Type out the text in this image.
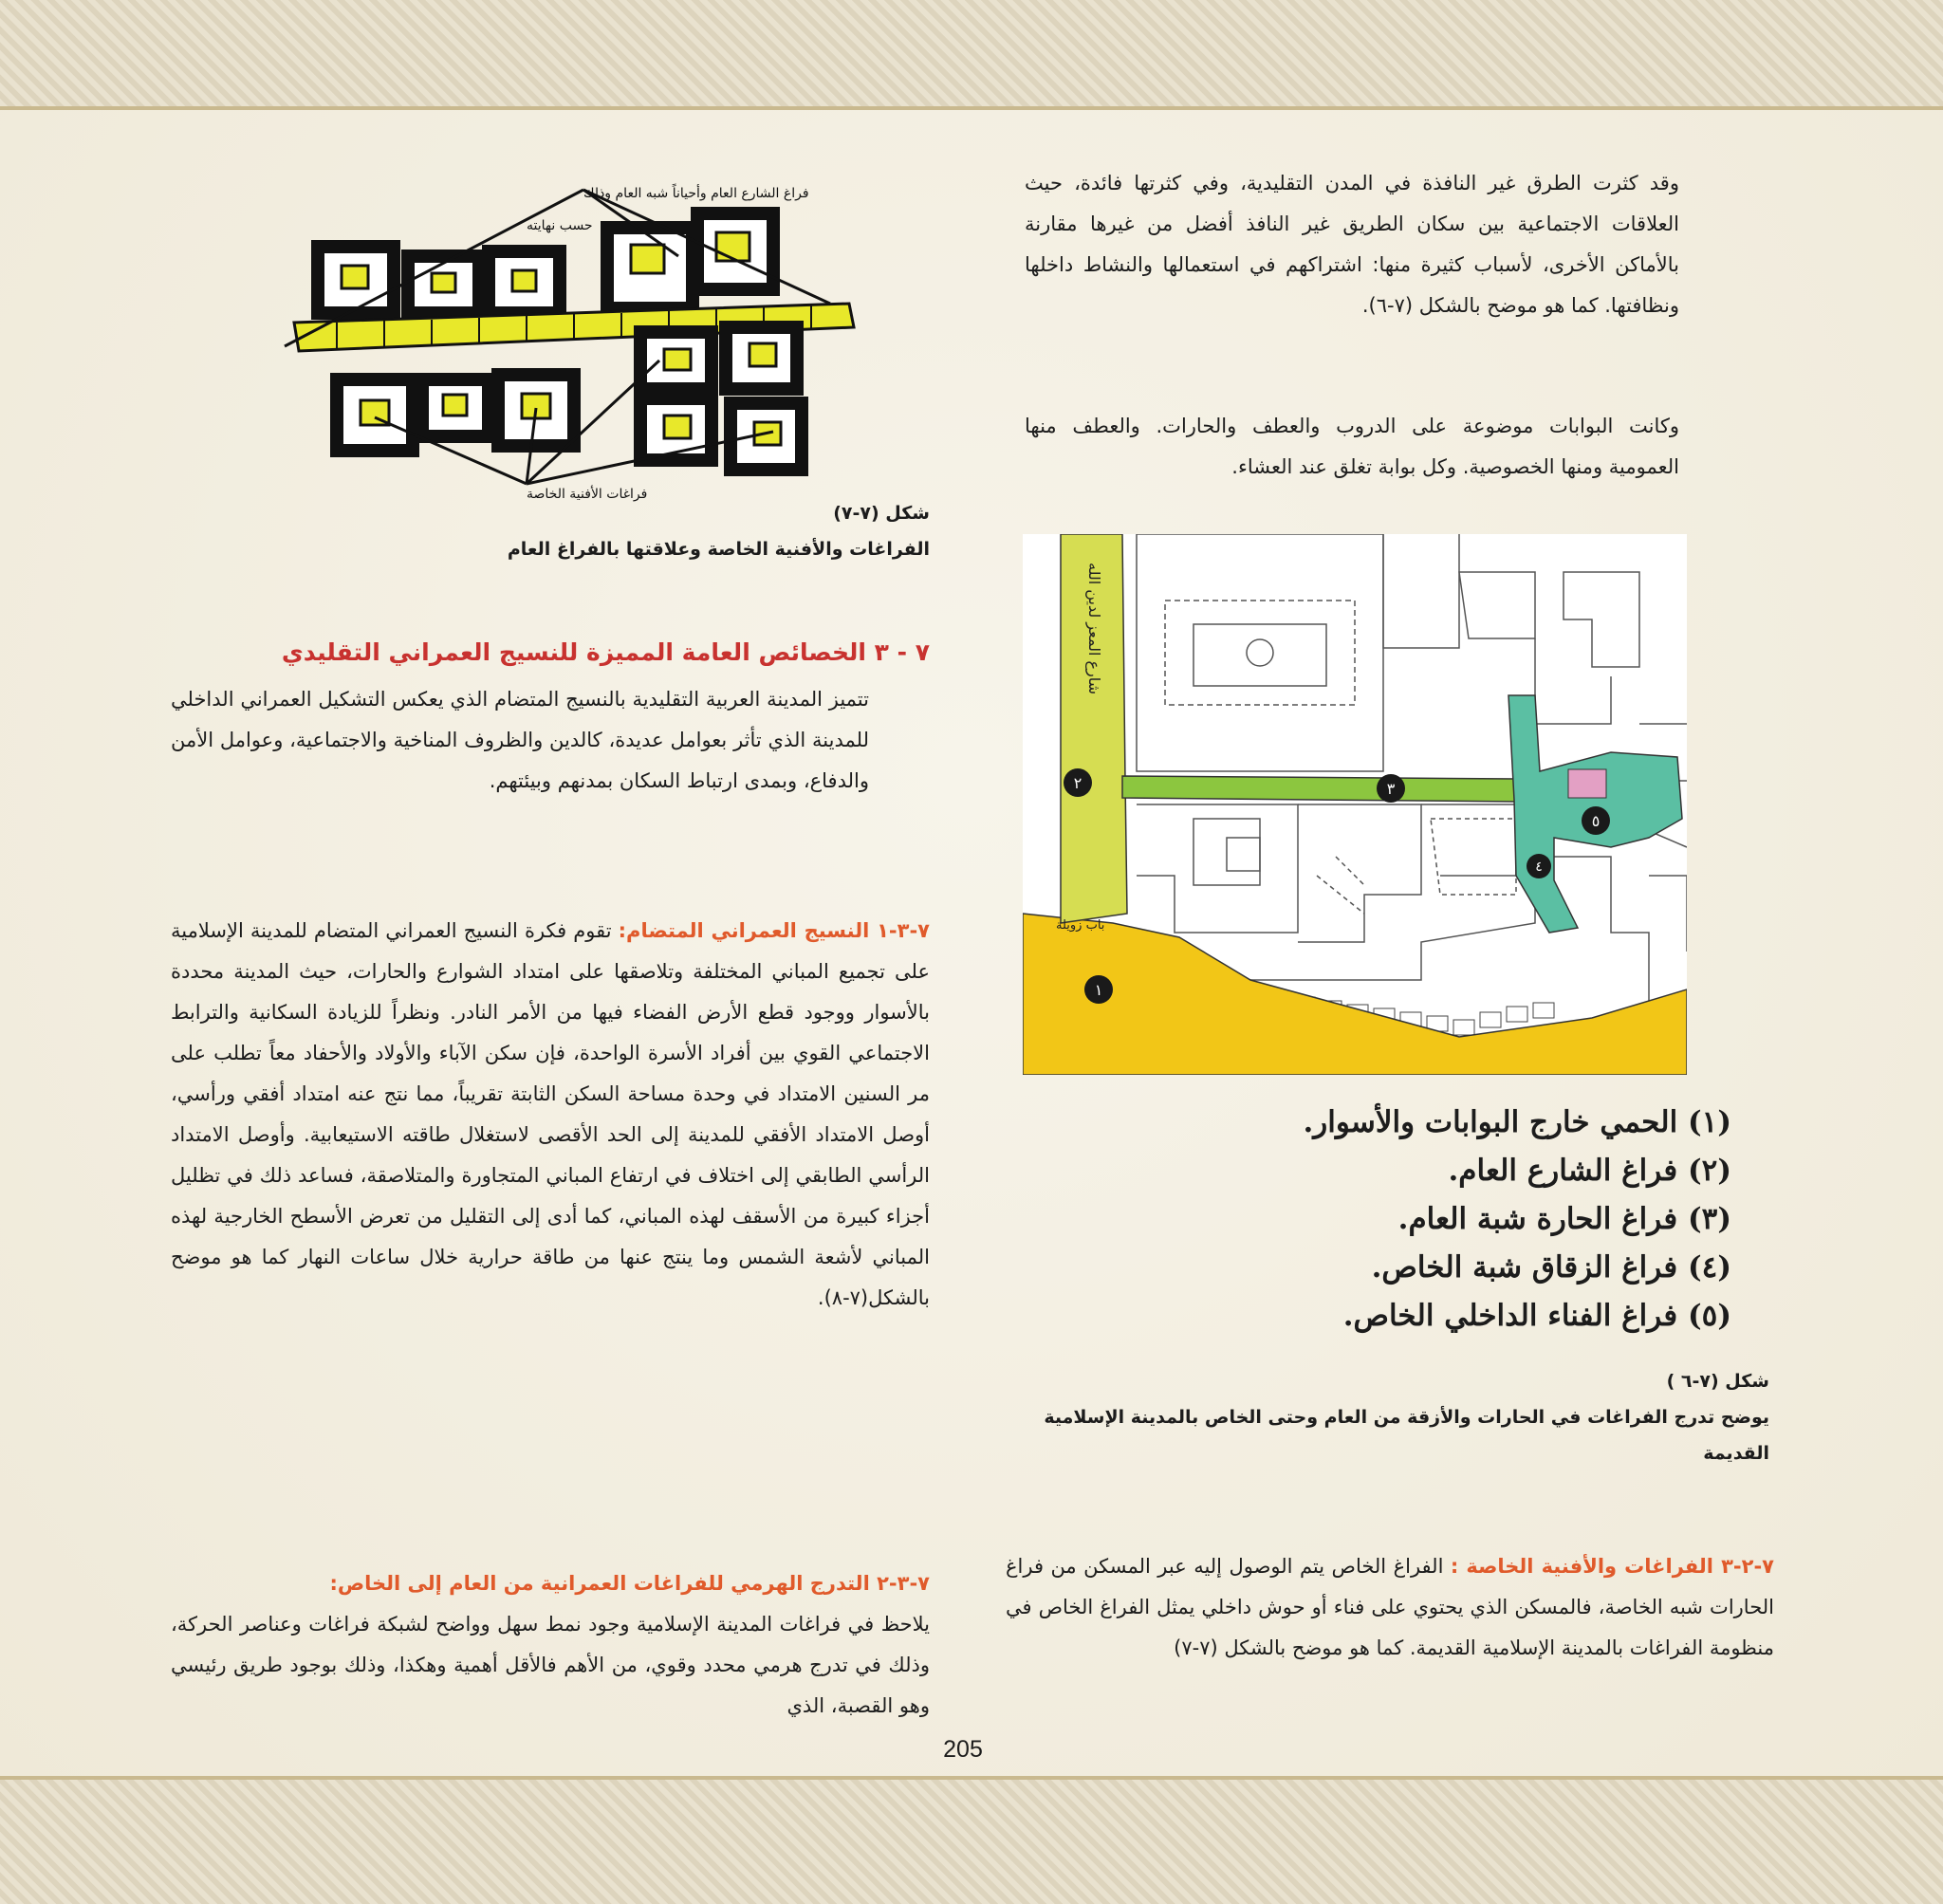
وقد كثرت الطرق غير النافذة في المدن التقليدية، وفي كثرتها فائدة، حيث العلاقات الاجتماعية بين سكان الطريق غير النافذ أفضل من غيرها مقارنة بالأماكن الأخرى، لأسباب كثيرة منها: اشتراكهم في استعمالها والنشاط داخلها ونظافتها. كما هو موضح بالشكل (٧-٦).

وكانت البوابات موضوعة على الدروب والعطف والحارات. والعطف منها العمومية ومنها الخصوصية. وكل بوابة تغلق عند العشاء.

شارع المعز لدين الله
باب زويلة
١
٢	٣
٤
٥
(١) الحمي خارج البوابات والأسوار.
(٢) فراغ الشارع العام.
(٣) فراغ الحارة شبة العام.
(٤) فراغ الزقاق شبة الخاص.
(٥) فراغ الفناء الداخلي الخاص.
شكل (٧-٦ )
يوضح تدرج الفراغات في الحارات والأزقة من العام وحتى الخاص بالمدينة الإسلامية القديمة

٧-٢-٣ الفراغات والأفنية الخاصة : الفراغ الخاص يتم الوصول إليه عبر المسكن من فراغ الحارات شبه الخاصة، فالمسكن الذي يحتوي على فناء أو حوش داخلي يمثل الفراغ الخاص في منظومة الفراغات بالمدينة الإسلامية القديمة. كما هو موضح بالشكل (٧-٧)

فراغ الشارع العام وأحياناً شبه العام وذلك
حسب نهايته
فراغات الأفنية الخاصة
شكل (٧-٧)
الفراغات والأفنية الخاصة وعلاقتها بالفراغ العام

٧ - ٣ الخصائص العامة المميزة للنسيج العمراني التقليدي

تتميز المدينة العربية التقليدية بالنسيج المتضام الذي يعكس التشكيل العمراني الداخلي للمدينة الذي تأثر بعوامل عديدة، كالدين والظروف المناخية والاجتماعية، وعوامل الأمن والدفاع، وبمدى ارتباط السكان بمدنهم وبيئتهم.

٧-٣-١ النسيج العمراني المتضام: تقوم فكرة النسيج العمراني المتضام للمدينة الإسلامية على تجميع المباني المختلفة وتلاصقها على امتداد الشوارع والحارات، حيث المدينة محددة بالأسوار ووجود قطع الأرض الفضاء فيها من الأمر النادر. ونظراً للزيادة السكانية والترابط الاجتماعي القوي بين أفراد الأسرة الواحدة، فإن سكن الآباء والأولاد والأحفاد معاً تطلب على مر السنين الامتداد في وحدة مساحة السكن الثابتة تقريباً، مما نتج عنه امتداد أفقي ورأسي، أوصل الامتداد الأفقي للمدينة إلى الحد الأقصى لاستغلال طاقته الاستيعابية. وأوصل الامتداد الرأسي الطابقي إلى اختلاف في ارتفاع المباني المتجاورة والمتلاصقة، فساعد ذلك في تظليل أجزاء كبيرة من الأسقف لهذه المباني، كما أدى إلى التقليل من تعرض الأسطح الخارجية لهذه المباني لأشعة الشمس وما ينتج عنها من طاقة حرارية خلال ساعات النهار كما هو موضح بالشكل(٧-٨).

٧-٣-٢ التدرج الهرمي للفراغات العمرانية من العام إلى الخاص:

يلاحظ في فراغات المدينة الإسلامية وجود نمط سهل وواضح لشبكة فراغات وعناصر الحركة، وذلك في تدرج هرمي محدد وقوي، من الأهم فالأقل أهمية وهكذا، وذلك بوجود طريق رئيسي وهو القصبة، الذي

205
